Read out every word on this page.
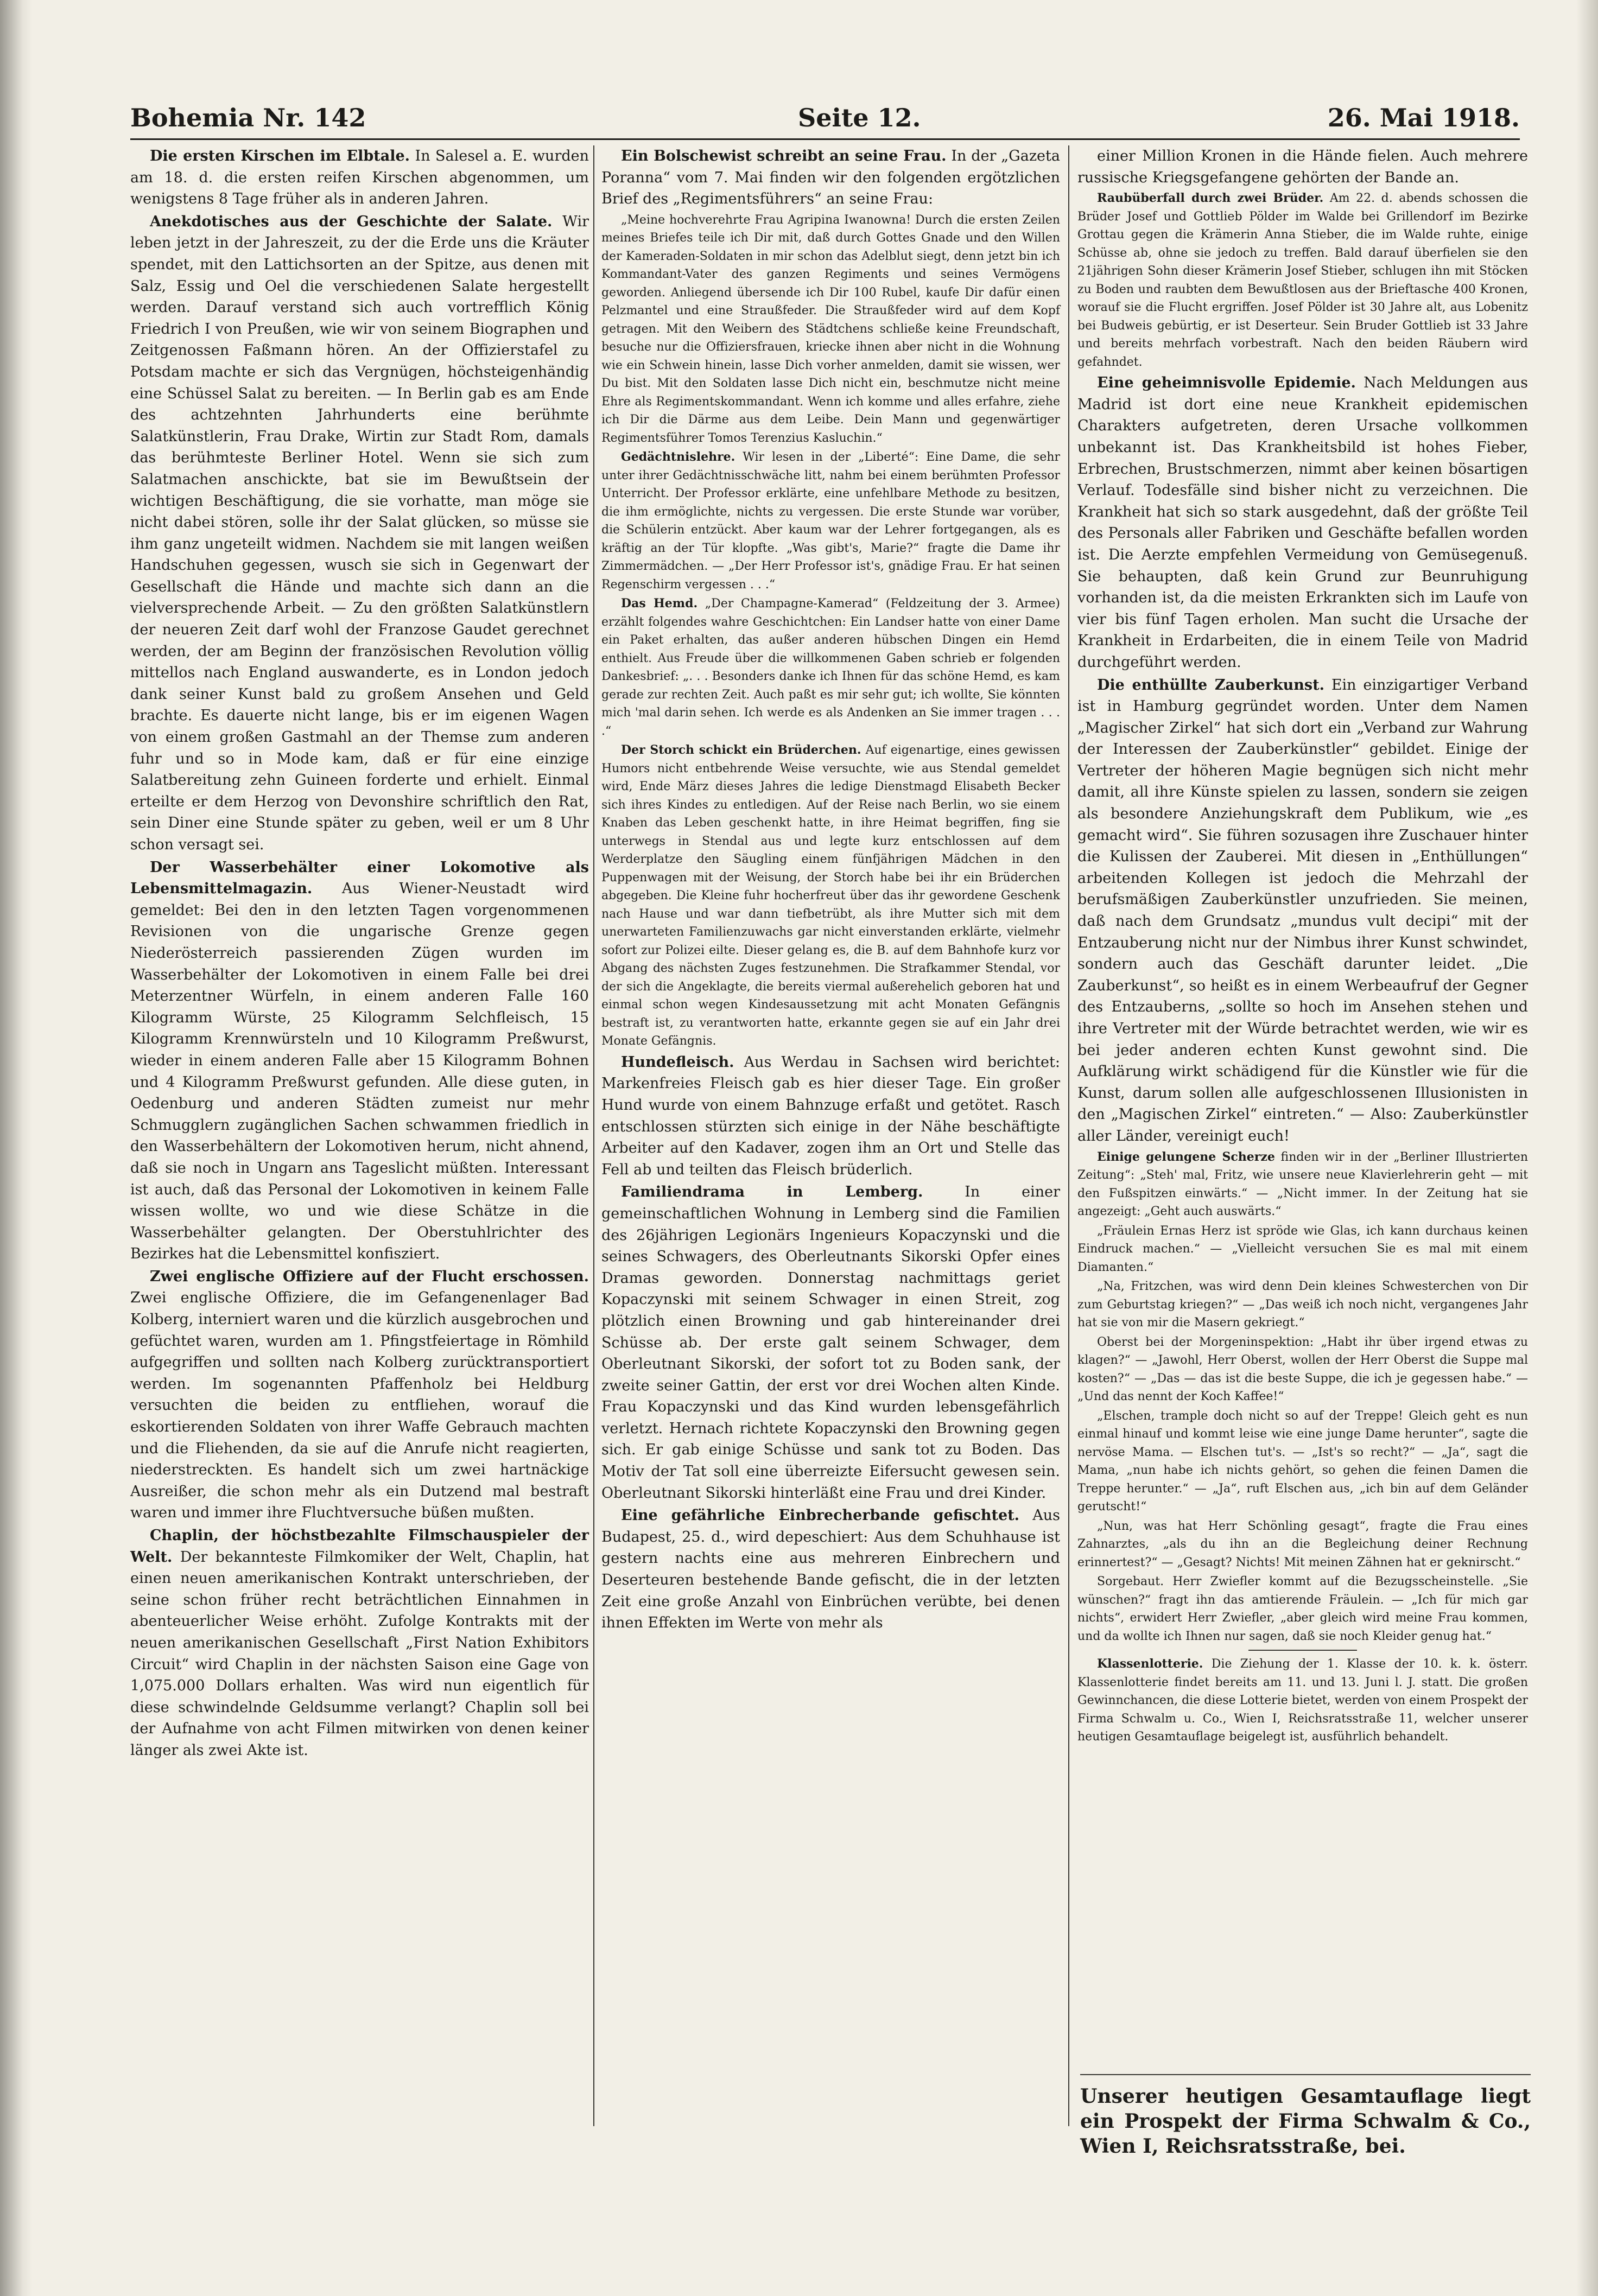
Bohemia Nr. 142	Seite 12.	26. Mai 1918.

Die ersten Kirschen im Elbtale. In Salesel a. E. wurden am 18. d. die ersten reifen Kirschen abgenommen, um wenigstens 8 Tage früher als in anderen Jahren.

Anekdotisches aus der Geschichte der Salate. Wir leben jetzt in der Jahreszeit, zu der die Erde uns die Kräuter spendet, mit den Lattichsorten an der Spitze, aus denen mit Salz, Essig und Oel die verschiedenen Salate hergestellt werden. Darauf verstand sich auch vortrefflich König Friedrich I von Preußen, wie wir von seinem Biographen und Zeitgenossen Faßmann hören. An der Offizierstafel zu Potsdam machte er sich das Vergnügen, höchsteigenhändig eine Schüssel Salat zu bereiten. — In Berlin gab es am Ende des achtzehnten Jahrhunderts eine berühmte Salatkünstlerin, Frau Drake, Wirtin zur Stadt Rom, damals das berühmteste Berliner Hotel. Wenn sie sich zum Salatmachen anschickte, bat sie im Bewußtsein der wichtigen Beschäftigung, die sie vorhatte, man möge sie nicht dabei stören, solle ihr der Salat glücken, so müsse sie ihm ganz ungeteilt widmen. Nachdem sie mit langen weißen Handschuhen gegessen, wusch sie sich in Gegenwart der Gesellschaft die Hände und machte sich dann an die vielversprechende Arbeit. — Zu den größten Salatkünstlern der neueren Zeit darf wohl der Franzose Gaudet gerechnet werden, der am Beginn der französischen Revolution völlig mittellos nach England auswanderte, es in London jedoch dank seiner Kunst bald zu großem Ansehen und Geld brachte. Es dauerte nicht lange, bis er im eigenen Wagen von einem großen Gastmahl an der Themse zum anderen fuhr und so in Mode kam, daß er für eine einzige Salatbereitung zehn Guineen forderte und erhielt. Einmal erteilte er dem Herzog von Devonshire schriftlich den Rat, sein Diner eine Stunde später zu geben, weil er um 8 Uhr schon versagt sei.

Der Wasserbehälter einer Lokomotive als Lebensmittelmagazin. Aus Wiener-Neustadt wird gemeldet: Bei den in den letzten Tagen vorgenommenen Revisionen von die ungarische Grenze gegen Niederösterreich passierenden Zügen wurden im Wasserbehälter der Lokomotiven in einem Falle bei drei Meterzentner Würfeln, in einem anderen Falle 160 Kilogramm Würste, 25 Kilogramm Selchfleisch, 15 Kilogramm Krennwürsteln und 10 Kilogramm Preßwurst, wieder in einem anderen Falle aber 15 Kilogramm Bohnen und 4 Kilogramm Preßwurst gefunden. Alle diese guten, in Oedenburg und anderen Städten zumeist nur mehr Schmugglern zugänglichen Sachen schwammen friedlich in den Wasserbehältern der Lokomotiven herum, nicht ahnend, daß sie noch in Ungarn ans Tageslicht müßten. Interessant ist auch, daß das Personal der Lokomotiven in keinem Falle wissen wollte, wo und wie diese Schätze in die Wasserbehälter gelangten. Der Oberstuhlrichter des Bezirkes hat die Lebensmittel konfisziert.

Zwei englische Offiziere auf der Flucht erschossen. Zwei englische Offiziere, die im Gefangenenlager Bad Kolberg, interniert waren und die kürzlich ausgebrochen und gefüchtet waren, wurden am 1. Pfingstfeiertage in Römhild aufgegriffen und sollten nach Kolberg zurücktransportiert werden. Im sogenannten Pfaffenholz bei Heldburg versuchten die beiden zu entfliehen, worauf die eskortierenden Soldaten von ihrer Waffe Gebrauch machten und die Fliehenden, da sie auf die Anrufe nicht reagierten, niederstreckten. Es handelt sich um zwei hartnäckige Ausreißer, die schon mehr als ein Dutzend mal bestraft waren und immer ihre Fluchtversuche büßen mußten.

Chaplin, der höchstbezahlte Filmschauspieler der Welt. Der bekannteste Filmkomiker der Welt, Chaplin, hat einen neuen amerikanischen Kontrakt unterschrieben, der seine schon früher recht beträchtlichen Einnahmen in abenteuerlicher Weise erhöht. Zufolge Kontrakts mit der neuen amerikanischen Gesellschaft „First Nation Exhibitors Circuit“ wird Chaplin in der nächsten Saison eine Gage von 1,075.000 Dollars erhalten. Was wird nun eigentlich für diese schwindelnde Geldsumme verlangt? Chaplin soll bei der Aufnahme von acht Filmen mitwirken von denen keiner länger als zwei Akte ist.

Ein Bolschewist schreibt an seine Frau. In der „Gazeta Poranna“ vom 7. Mai finden wir den folgenden ergötzlichen Brief des „Regimentsführers“ an seine Frau:

„Meine hochverehrte Frau Agripina Iwanowna! Durch die ersten Zeilen meines Briefes teile ich Dir mit, daß durch Gottes Gnade und den Willen der Kameraden-Soldaten in mir schon das Adelblut siegt, denn jetzt bin ich Kommandant-Vater des ganzen Regiments und seines Vermögens geworden. Anliegend übersende ich Dir 100 Rubel, kaufe Dir dafür einen Pelzmantel und eine Straußfeder. Die Straußfeder wird auf dem Kopf getragen. Mit den Weibern des Städtchens schließe keine Freundschaft, besuche nur die Offiziersfrauen, kriecke ihnen aber nicht in die Wohnung wie ein Schwein hinein, lasse Dich vorher anmelden, damit sie wissen, wer Du bist. Mit den Soldaten lasse Dich nicht ein, beschmutze nicht meine Ehre als Regimentskommandant. Wenn ich komme und alles erfahre, ziehe ich Dir die Därme aus dem Leibe. Dein Mann und gegenwärtiger Regimentsführer Tomos Terenzius Kasluchin.“

Gedächtnislehre. Wir lesen in der „Liberté“: Eine Dame, die sehr unter ihrer Gedächtnisschwäche litt, nahm bei einem berühmten Professor Unterricht. Der Professor erklärte, eine unfehlbare Methode zu besitzen, die ihm ermöglichte, nichts zu vergessen. Die erste Stunde war vorüber, die Schülerin entzückt. Aber kaum war der Lehrer fortgegangen, als es kräftig an der Tür klopfte. „Was gibt's, Marie?“ fragte die Dame ihr Zimmermädchen. — „Der Herr Professor ist's, gnädige Frau. Er hat seinen Regenschirm vergessen . . .“

Das Hemd. „Der Champagne-Kamerad“ (Feldzeitung der 3. Armee) erzählt folgendes wahre Geschichtchen: Ein Landser hatte von einer Dame ein Paket erhalten, das außer anderen hübschen Dingen ein Hemd enthielt. Aus Freude über die willkommenen Gaben schrieb er folgenden Dankesbrief: „. . . Besonders danke ich Ihnen für das schöne Hemd, es kam gerade zur rechten Zeit. Auch paßt es mir sehr gut; ich wollte, Sie könnten mich 'mal darin sehen. Ich werde es als Andenken an Sie immer tragen . . . .“

Der Storch schickt ein Brüderchen. Auf eigenartige, eines gewissen Humors nicht entbehrende Weise versuchte, wie aus Stendal gemeldet wird, Ende März dieses Jahres die ledige Dienstmagd Elisabeth Becker sich ihres Kindes zu entledigen. Auf der Reise nach Berlin, wo sie einem Knaben das Leben geschenkt hatte, in ihre Heimat begriffen, fing sie unterwegs in Stendal aus und legte kurz entschlossen auf dem Werderplatze den Säugling einem fünfjährigen Mädchen in den Puppenwagen mit der Weisung, der Storch habe bei ihr ein Brüderchen abgegeben. Die Kleine fuhr hocherfreut über das ihr gewordene Geschenk nach Hause und war dann tiefbetrübt, als ihre Mutter sich mit dem unerwarteten Familienzuwachs gar nicht einverstanden erklärte, vielmehr sofort zur Polizei eilte. Dieser gelang es, die B. auf dem Bahnhofe kurz vor Abgang des nächsten Zuges festzunehmen. Die Strafkammer Stendal, vor der sich die Angeklagte, die bereits viermal außerehelich geboren hat und einmal schon wegen Kindesaussetzung mit acht Monaten Gefängnis bestraft ist, zu verantworten hatte, erkannte gegen sie auf ein Jahr drei Monate Gefängnis.

Hundefleisch. Aus Werdau in Sachsen wird berichtet: Markenfreies Fleisch gab es hier dieser Tage. Ein großer Hund wurde von einem Bahnzuge erfaßt und getötet. Rasch entschlossen stürzten sich einige in der Nähe beschäftigte Arbeiter auf den Kadaver, zogen ihm an Ort und Stelle das Fell ab und teilten das Fleisch brüderlich.

Familiendrama in Lemberg.	In einer gemeinschaftlichen Wohnung in Lemberg sind die Familien des 26jährigen Legionärs Ingenieurs Kopaczynski und die seines Schwagers, des Oberleutnants Sikorski Opfer eines Dramas geworden. Donnerstag nachmittags geriet Kopaczynski mit seinem Schwager in einen Streit, zog plötzlich einen Browning und gab hintereinander drei Schüsse ab. Der erste galt seinem Schwager, dem Oberleutnant Sikorski, der sofort tot zu Boden sank, der zweite seiner Gattin, der erst vor drei Wochen alten Kinde. Frau Kopaczynski und das Kind wurden lebensgefährlich verletzt. Hernach richtete Kopaczynski den Browning gegen sich. Er gab einige Schüsse und sank tot zu Boden. Das Motiv der Tat soll eine überreizte Eifersucht gewesen sein. Oberleutnant Sikorski hinterläßt eine Frau und drei Kinder.

Eine gefährliche Einbrecherbande gefischtet. Aus Budapest, 25. d., wird depeschiert: Aus dem Schuhhause ist gestern nachts eine aus mehreren Einbrechern und Deserteuren bestehende Bande gefischt, die in der letzten Zeit eine große Anzahl von Einbrüchen verübte, bei denen ihnen Effekten im Werte von mehr als

einer Million Kronen in die Hände fielen. Auch mehrere russische Kriegsgefangene gehörten der Bande an.

Raubüberfall durch zwei Brüder. Am 22. d. abends schossen die Brüder Josef und Gottlieb Pölder im Walde bei Grillendorf im Bezirke Grottau gegen die Krämerin Anna Stieber, die im Walde ruhte, einige Schüsse ab, ohne sie jedoch zu treffen. Bald darauf überfielen sie den 21jährigen Sohn dieser Krämerin Josef Stieber, schlugen ihn mit Stöcken zu Boden und raubten dem Bewußtlosen aus der Brieftasche 400 Kronen, worauf sie die Flucht ergriffen. Josef Pölder ist 30 Jahre alt, aus Lobenitz bei Budweis gebürtig, er ist Deserteur. Sein Bruder Gottlieb ist 33 Jahre und bereits mehrfach vorbestraft. Nach den beiden Räubern wird gefahndet.

Eine geheimnisvolle Epidemie. Nach Meldungen aus Madrid ist dort eine neue Krankheit epidemischen Charakters aufgetreten, deren Ursache vollkommen unbekannt ist. Das Krankheitsbild ist hohes Fieber, Erbrechen, Brustschmerzen, nimmt aber keinen bösartigen Verlauf. Todesfälle sind bisher nicht zu verzeichnen. Die Krankheit hat sich so stark ausgedehnt, daß der größte Teil des Personals aller Fabriken und Geschäfte befallen worden ist. Die Aerzte empfehlen Vermeidung von Gemüsegenuß. Sie behaupten, daß kein Grund zur Beunruhigung vorhanden ist, da die meisten Erkrankten sich im Laufe von vier bis fünf Tagen erholen. Man sucht die Ursache der Krankheit in Erdarbeiten, die in einem Teile von Madrid durchgeführt werden.

Die enthüllte Zauberkunst. Ein einzigartiger Verband ist in Hamburg gegründet worden. Unter dem Namen „Magischer Zirkel“ hat sich dort ein „Verband zur Wahrung der Interessen der Zauberkünstler“ gebildet. Einige der Vertreter der höheren Magie begnügen sich nicht mehr damit, all ihre Künste spielen zu lassen, sondern sie zeigen als besondere Anziehungskraft dem Publikum, wie „es gemacht wird“. Sie führen sozusagen ihre Zuschauer hinter die Kulissen der Zauberei. Mit diesen in „Enthüllungen“ arbeitenden Kollegen ist jedoch die Mehrzahl der berufsmäßigen Zauberkünstler unzufrieden. Sie meinen, daß nach dem Grundsatz „mundus vult decipi“ mit der Entzauberung nicht nur der Nimbus ihrer Kunst schwindet, sondern auch das Geschäft darunter leidet. „Die Zauberkunst“, so heißt es in einem Werbeaufruf der Gegner des Entzauberns, „sollte so hoch im Ansehen stehen und ihre Vertreter mit der Würde betrachtet werden, wie wir es bei jeder anderen echten Kunst gewohnt sind. Die Aufklärung wirkt schädigend für die Künstler wie für die Kunst, darum sollen alle aufgeschlossenen Illusionisten in den „Magischen Zirkel“ eintreten.“ — Also: Zauberkünstler aller Länder, vereinigt euch!

Einige gelungene Scherze finden wir in der „Berliner Illustrierten Zeitung“: „Steh' mal, Fritz, wie unsere neue Klavierlehrerin geht — mit den Fußspitzen einwärts.“ — „Nicht immer. In der Zeitung hat sie angezeigt: „Geht auch auswärts.“

„Fräulein Ernas Herz ist spröde wie Glas, ich kann durchaus keinen Eindruck machen.“ — „Vielleicht versuchen Sie es mal mit einem Diamanten.“

„Na, Fritzchen, was wird denn Dein kleines Schwesterchen von Dir zum Geburtstag kriegen?“ — „Das weiß ich noch nicht, vergangenes Jahr hat sie von mir die Masern gekriegt.“

Oberst bei der Morgeninspektion: „Habt ihr über irgend etwas zu klagen?“ — „Jawohl, Herr Oberst, wollen der Herr Oberst die Suppe mal kosten?“ — „Das — das ist die beste Suppe, die ich je gegessen habe.“ — „Und das nennt der Koch Kaffee!“

„Elschen, trample doch nicht so auf der Treppe! Gleich geht es nun einmal hinauf und kommt leise wie eine junge Dame herunter“, sagte die nervöse Mama. — Elschen tut's. — „Ist's so recht?“ — „Ja“, sagt die Mama, „nun habe ich nichts gehört, so gehen die feinen Damen die Treppe herunter.“ — „Ja“, ruft Elschen aus, „ich bin auf dem Geländer gerutscht!“

„Nun, was hat Herr Schönling gesagt“, fragte die Frau eines Zahnarztes, „als du ihn an die Begleichung deiner Rechnung erinnertest?“ — „Gesagt? Nichts! Mit meinen Zähnen hat er geknirscht.“

Sorgebaut. Herr Zwiefler kommt auf die Bezugsscheinstelle. „Sie wünschen?“ fragt ihn das amtierende Fräulein. — „Ich für mich gar nichts“, erwidert Herr Zwiefler, „aber gleich wird meine Frau kommen, und da wollte ich Ihnen nur sagen, daß sie noch Kleider genug hat.“

Klassenlotterie. Die Ziehung der 1. Klasse der 10. k. k. österr. Klassenlotterie findet bereits am 11. und 13. Juni l. J. statt. Die großen Gewinnchancen, die diese Lotterie bietet, werden von einem Prospekt der Firma Schwalm u. Co., Wien I, Reichsratsstraße 11, welcher unserer heutigen Gesamtauflage beigelegt ist, ausführlich behandelt.

Unserer heutigen Gesamtauflage liegt ein Prospekt der Firma Schwalm & Co., Wien I, Reichsratsstraße, bei.
